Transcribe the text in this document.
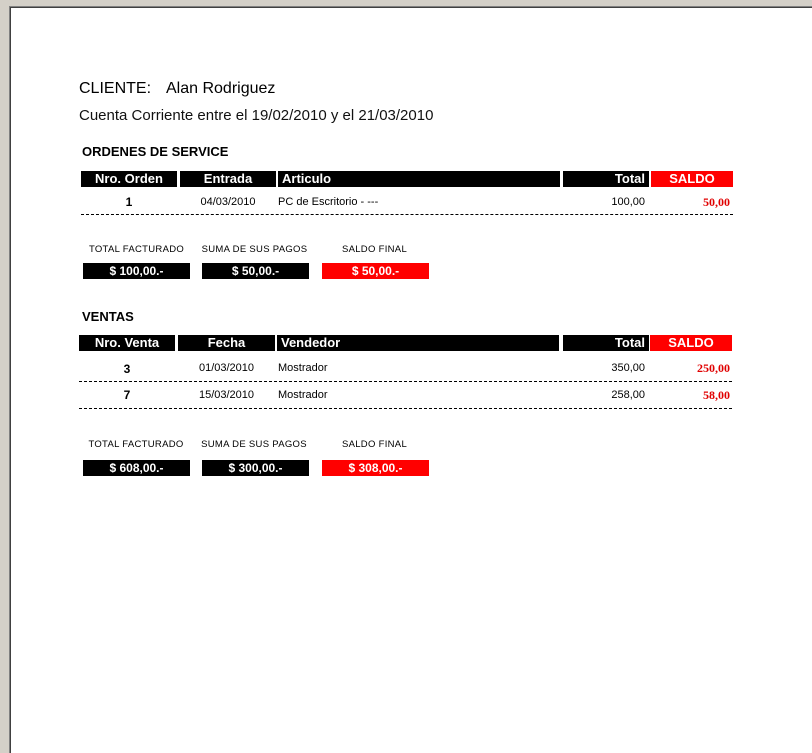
CLIENTE: Alan Rodriguez
Cuenta Corriente entre el 19/02/2010 y el 21/03/2010
ORDENES DE SERVICE
Nro. Orden	Entrada	Articulo	Total	SALDO
1	04/03/2010	PC de Escritorio - ---	100,00	50,00
TOTAL FACTURADO	SUMA DE SUS PAGOS	SALDO FINAL
$ 100,00.-	$ 50,00.-	$ 50,00.-
VENTAS
Nro. Venta	Fecha	Vendedor	Total	SALDO
3	01/03/2010	Mostrador	350,00	250,00
7	15/03/2010	Mostrador	258,00	58,00
TOTAL FACTURADO	SUMA DE SUS PAGOS	SALDO FINAL
$ 608,00.-	$ 300,00.-	$ 308,00.-
